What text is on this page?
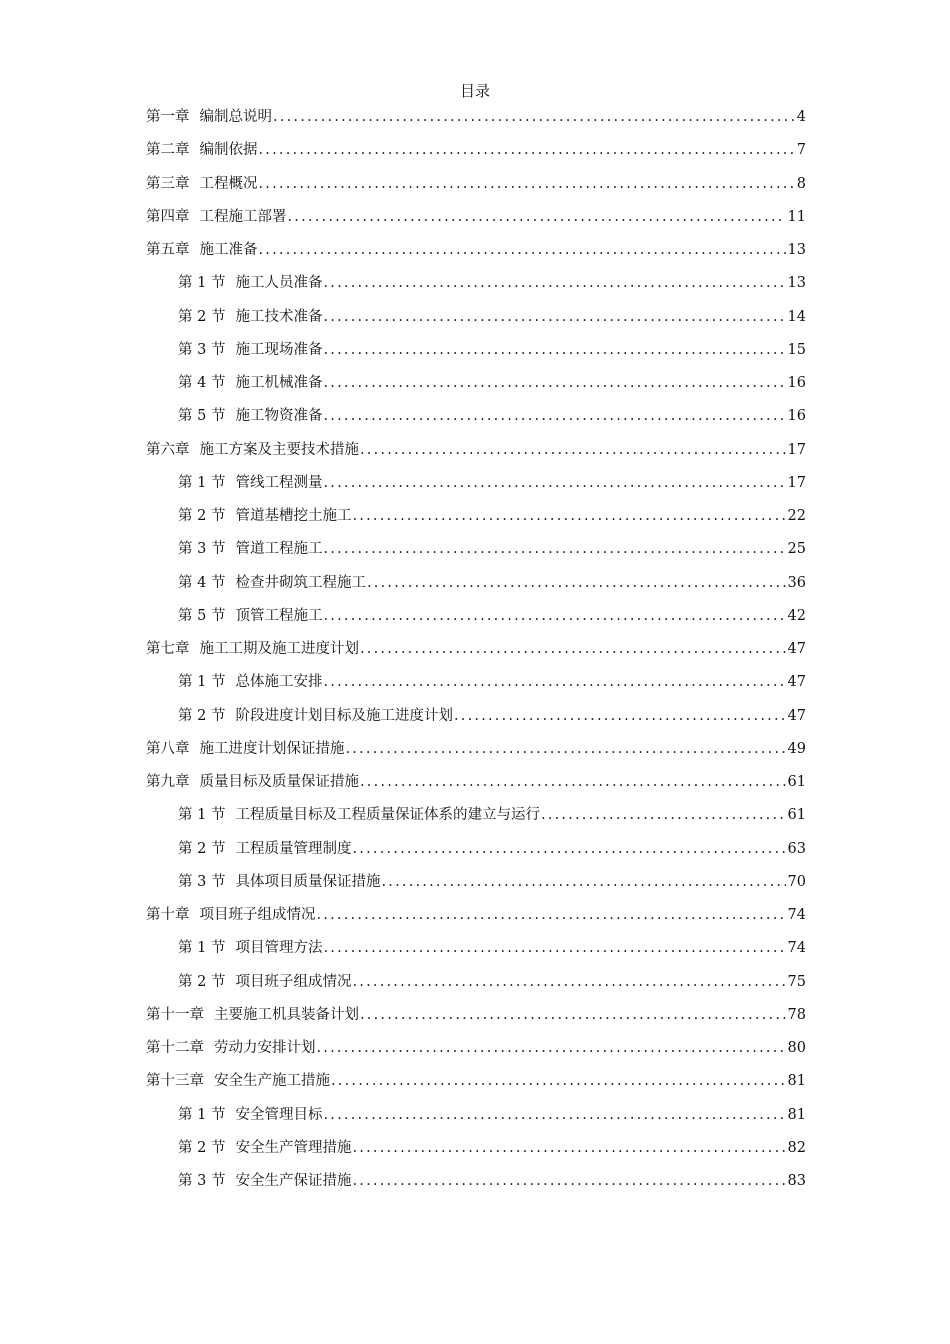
目录
第一章 编制总说明 .....	4
第二章 编制依据 .....	7
第三章 工程概况 .....	8
第四章 工程施工部署 .....	11
第五章 施工准备 .....	13
第 1 节 施工人员准备 .....	13
第 2 节 施工技术准备 .....	14
第 3 节 施工现场准备 .....	15
第 4 节 施工机械准备 .....	16
第 5 节 施工物资准备 .....	16
第六章 施工方案及主要技术措施 .....	17
第 1 节 管线工程测量 .....	17
第 2 节 管道基槽挖土施工 .....	22
第 3 节 管道工程施工 .....	25
第 4 节 检查井砌筑工程施工 .....	36
第 5 节 顶管工程施工 .....	42
第七章 施工工期及施工进度计划 .....	47
第 1 节 总体施工安排 .....	47
第 2 节 阶段进度计划目标及施工进度计划 .....	47
第八章 施工进度计划保证措施 .....	49
第九章 质量目标及质量保证措施 .....	61
第 1 节 工程质量目标及工程质量保证体系的建立与运行 .....	61
第 2 节 工程质量管理制度 .....	63
第 3 节 具体项目质量保证措施 .....	70
第十章 项目班子组成情况 .....	74
第 1 节 项目管理方法 .....	74
第 2 节 项目班子组成情况 .....	75
第十一章 主要施工机具装备计划 .....	78
第十二章 劳动力安排计划 .....	80
第十三章 安全生产施工措施 .....	81
第 1 节 安全管理目标 .....	81
第 2 节 安全生产管理措施 .....	82
第 3 节 安全生产保证措施 .....	83
